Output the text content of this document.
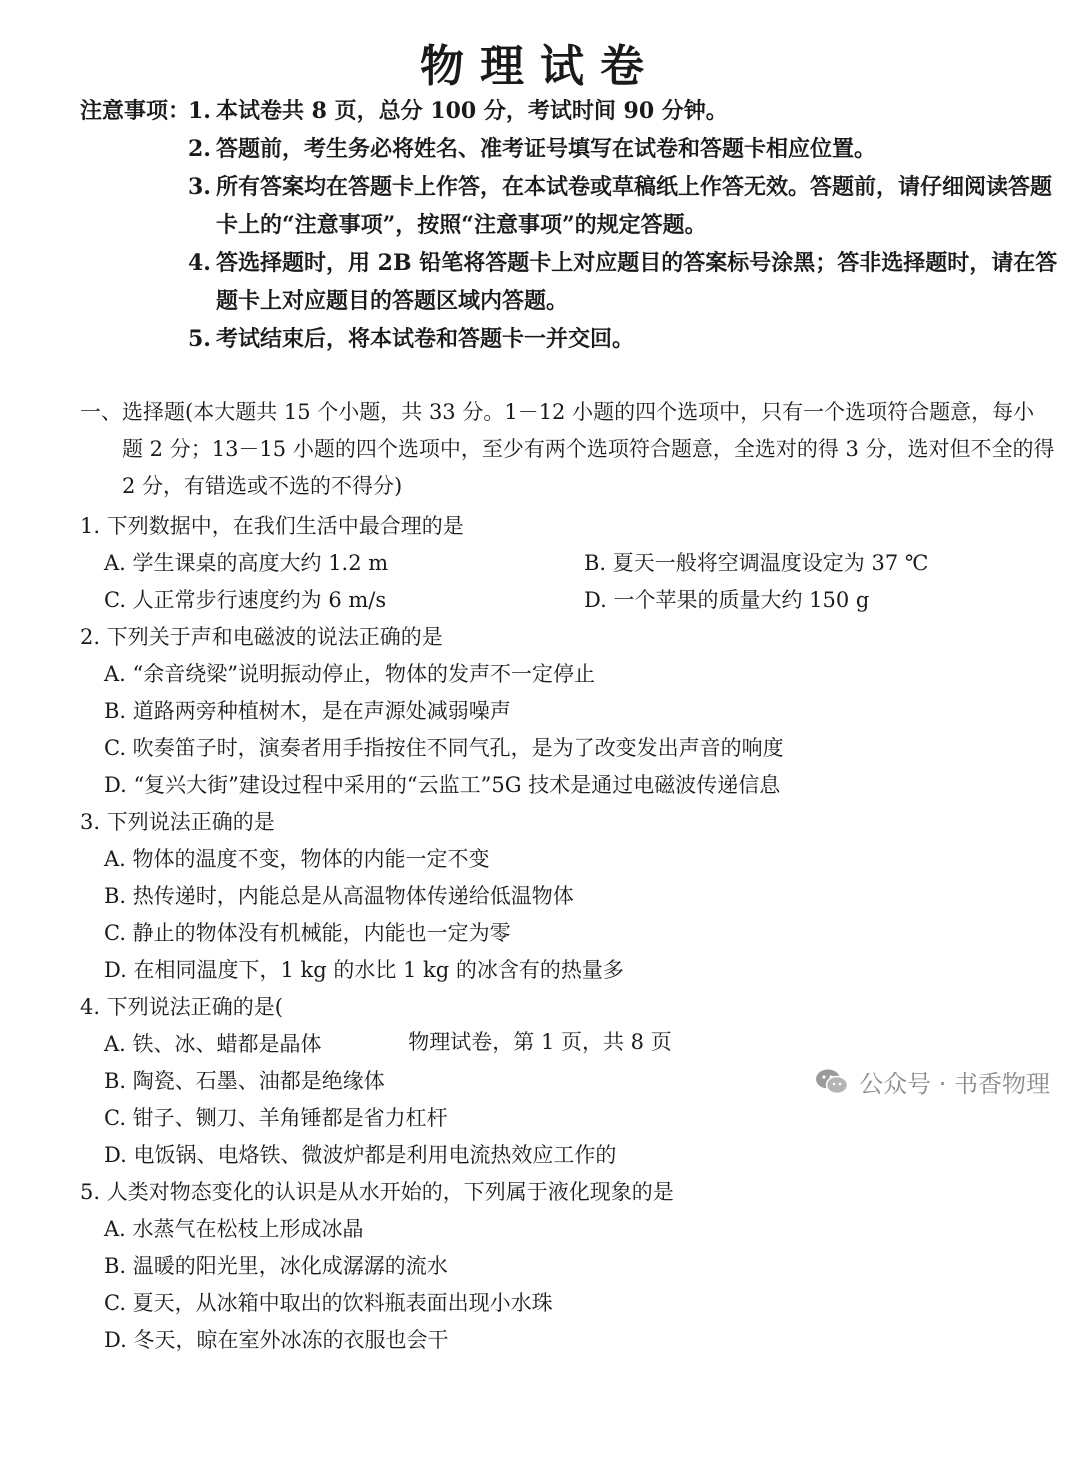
物理试卷
注意事项：
1. 本试卷共 8 页，总分 100 分，考试时间 90 分钟。
2. 答题前，考生务必将姓名、准考证号填写在试卷和答题卡相应位置。
3. 所有答案均在答题卡上作答，在本试卷或草稿纸上作答无效。答题前，请仔细阅读答题卡上的“注意事项”，按照“注意事项”的规定答题。
4. 答选择题时，用 2B 铅笔将答题卡上对应题目的答案标号涂黑；答非选择题时，请在答题卡上对应题目的答题区域内答题。
5. 考试结束后，将本试卷和答题卡一并交回。
一、 选择题(本大题共 15 个小题，共 33 分。1－12 小题的四个选项中，只有一个选项符合题意，每小题 2 分；13－15 小题的四个选项中，至少有两个选项符合题意，全选对的得 3 分，选对但不全的得 2 分，有错选或不选的不得分)
1. 下列数据中，在我们生活中最合理的是
A. 学生课桌的高度大约 1.2 m	B. 夏天一般将空调温度设定为 37 ℃
C. 人正常步行速度约为 6 m/s	D. 一个苹果的质量大约 150 g
2. 下列关于声和电磁波的说法正确的是
A. “余音绕梁”说明振动停止，物体的发声不一定停止
B. 道路两旁种植树木，是在声源处减弱噪声
C. 吹奏笛子时，演奏者用手指按住不同气孔，是为了改变发出声音的响度
D. “复兴大街”建设过程中采用的“云监工”5G 技术是通过电磁波传递信息
3. 下列说法正确的是
A. 物体的温度不变，物体的内能一定不变
B. 热传递时，内能总是从高温物体传递给低温物体
C. 静止的物体没有机械能，内能也一定为零
D. 在相同温度下，1 kg 的水比 1 kg 的冰含有的热量多
4. 下列说法正确的是(
A. 铁、冰、蜡都是晶体
B. 陶瓷、石墨、油都是绝缘体
C. 钳子、铡刀、羊角锤都是省力杠杆
D. 电饭锅、电烙铁、微波炉都是利用电流热效应工作的
5. 人类对物态变化的认识是从水开始的，下列属于液化现象的是
A. 水蒸气在松枝上形成冰晶
B. 温暖的阳光里，冰化成潺潺的流水
C. 夏天，从冰箱中取出的饮料瓶表面出现小水珠
D. 冬天，晾在室外冰冻的衣服也会干
物理试卷，第 1 页，共 8 页
公众号 · 书香物理
